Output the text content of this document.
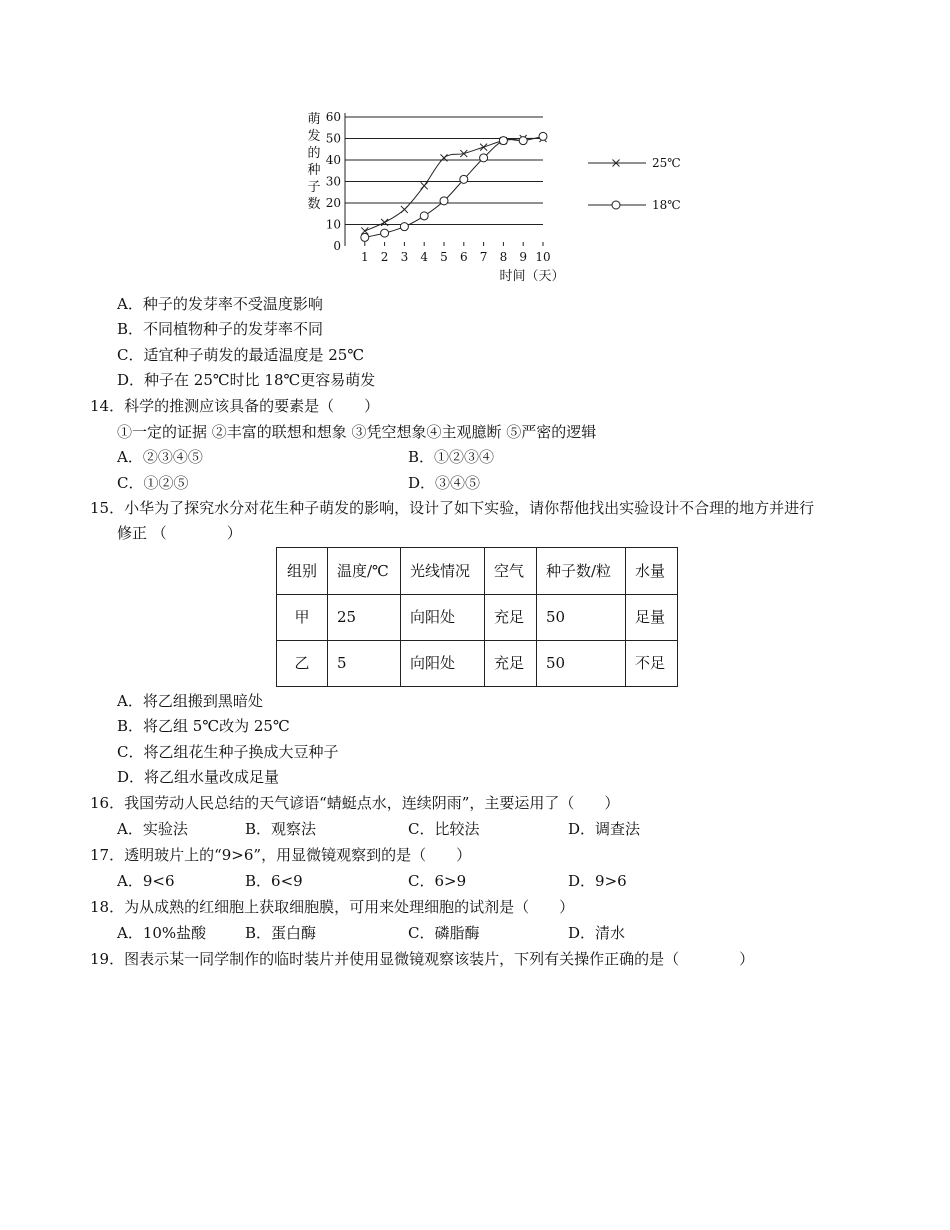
萌
发
的
种
子
数
0
10
20
30
40
50
60
1 2 3 4 5 6 7 8 9 10
时间（天）
25℃
18℃
A．种子的发芽率不受温度影响
B．不同植物种子的发芽率不同
C．适宜种子萌发的最适温度是 25℃
D．种子在 25℃时比 18℃更容易萌发
14．科学的推测应该具备的要素是（　　）
①一定的证据 ②丰富的联想和想象 ③凭空想象④主观臆断 ⑤严密的逻辑
A．②③④⑤	B．①②③④
C．①②⑤	D．③④⑤
15．小华为了探究水分对花生种子萌发的影响，设计了如下实验，请你帮他找出实验设计不合理的地方并进行
修正 （　　　　）
组别	温度/℃	光线情况	空气	种子数/粒	水量
甲	25	向阳处	充足	50	足量
乙	5	向阳处	充足	50	不足
A．将乙组搬到黑暗处
B．将乙组 5℃改为 25℃
C．将乙组花生种子换成大豆种子
D．将乙组水量改成足量
16．我国劳动人民总结的天气谚语“蜻蜓点水，连续阴雨”，主要运用了（　　）
A．实验法	B．观察法	C．比较法	D．调查法
17．透明玻片上的“9>6”，用显微镜观察到的是（　　）
A．9<6	B．6<9	C．6>9	D．9>6
18．为从成熟的红细胞上获取细胞膜，可用来处理细胞的试剂是（　　）
A．10%盐酸	B．蛋白酶	C．磷脂酶	D．清水
19．图表示某一同学制作的临时装片并使用显微镜观察该装片，下列有关操作正确的是（　　　　）
